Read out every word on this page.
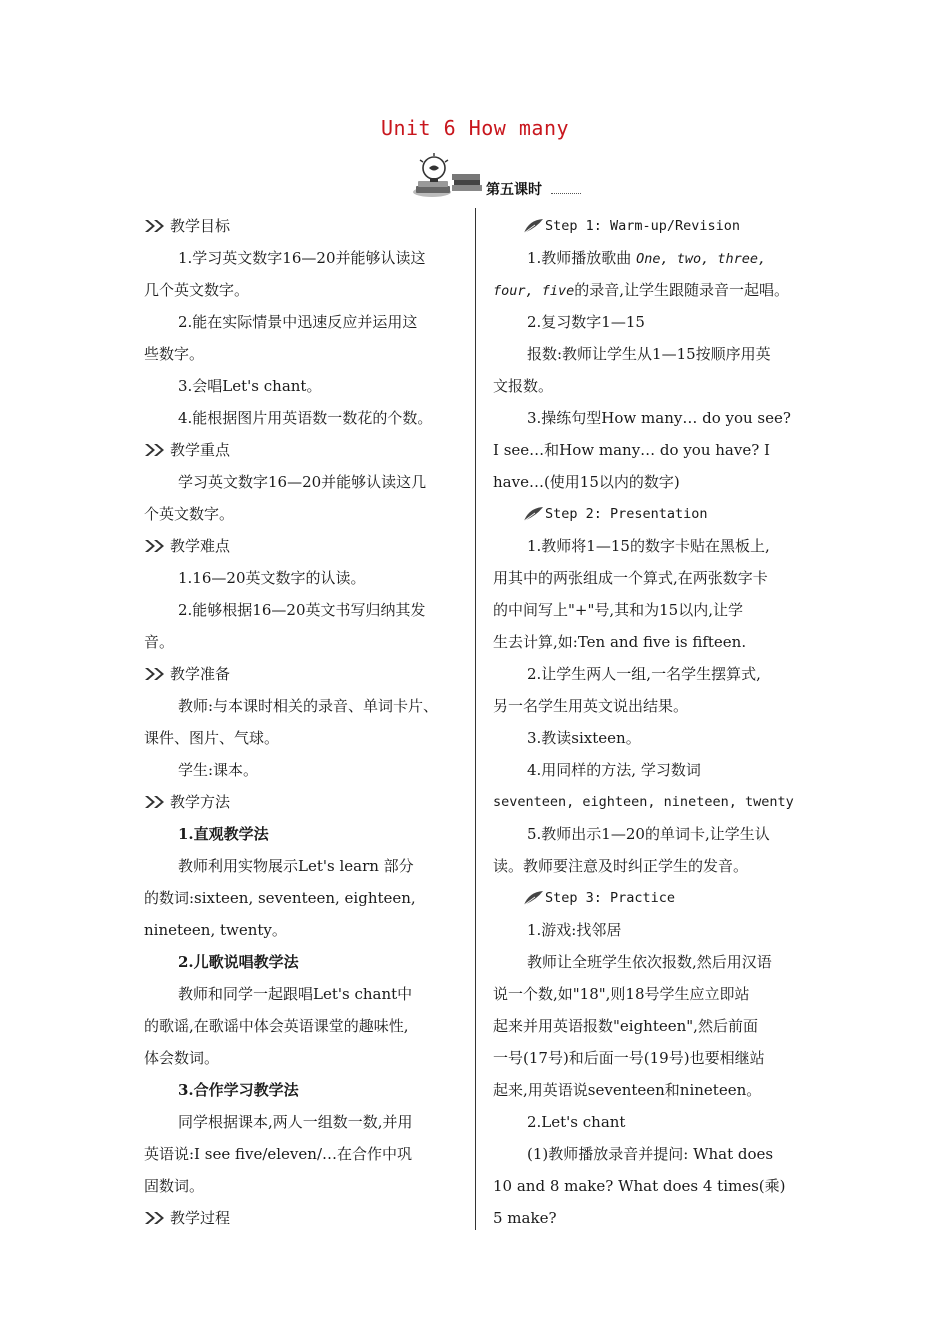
Unit 6 How many
第五课时
教学目标
1.学习英文数字16—20并能够认读这
几个英文数字。
2.能在实际情景中迅速反应并运用这
些数字。
3.会唱Let's chant。
4.能根据图片用英语数一数花的个数。
教学重点
学习英文数字16—20并能够认读这几
个英文数字。
教学难点
1.16—20英文数字的认读。
2.能够根据16—20英文书写归纳其发
音。
教学准备
教师:与本课时相关的录音、单词卡片、
课件、图片、气球。
学生:课本。
教学方法
1.直观教学法
教师利用实物展示Let's learn 部分
的数词:sixteen, seventeen, eighteen,
nineteen, twenty。
2.儿歌说唱教学法
教师和同学一起跟唱Let's chant中
的歌谣,在歌谣中体会英语课堂的趣味性,
体会数词。
3.合作学习教学法
同学根据课本,两人一组数一数,并用
英语说:I see five/eleven/…在合作中巩
固数词。
教学过程
Step 1: Warm-up/Revision
1.教师播放歌曲 One, two, three,
four, five的录音,让学生跟随录音一起唱。
2.复习数字1—15
报数:教师让学生从1—15按顺序用英
文报数。
3.操练句型How many… do you see?
I see…和How many… do you have? I
have…(使用15以内的数字)
Step 2: Presentation
1.教师将1—15的数字卡贴在黑板上,
用其中的两张组成一个算式,在两张数字卡
的中间写上"+"号,其和为15以内,让学
生去计算,如:Ten and five is fifteen.
2.让学生两人一组,一名学生摆算式,
另一名学生用英文说出结果。
3.教读sixteen。
4.用同样的方法, 学习数词
seventeen, eighteen, nineteen, twenty
5.教师出示1—20的单词卡,让学生认
读。教师要注意及时纠正学生的发音。
Step 3: Practice
1.游戏:找邻居
教师让全班学生依次报数,然后用汉语
说一个数,如"18",则18号学生应立即站
起来并用英语报数"eighteen",然后前面
一号(17号)和后面一号(19号)也要相继站
起来,用英语说seventeen和nineteen。
2.Let's chant
(1)教师播放录音并提问: What does
10 and 8 make? What does 4 times(乘)
5 make?
